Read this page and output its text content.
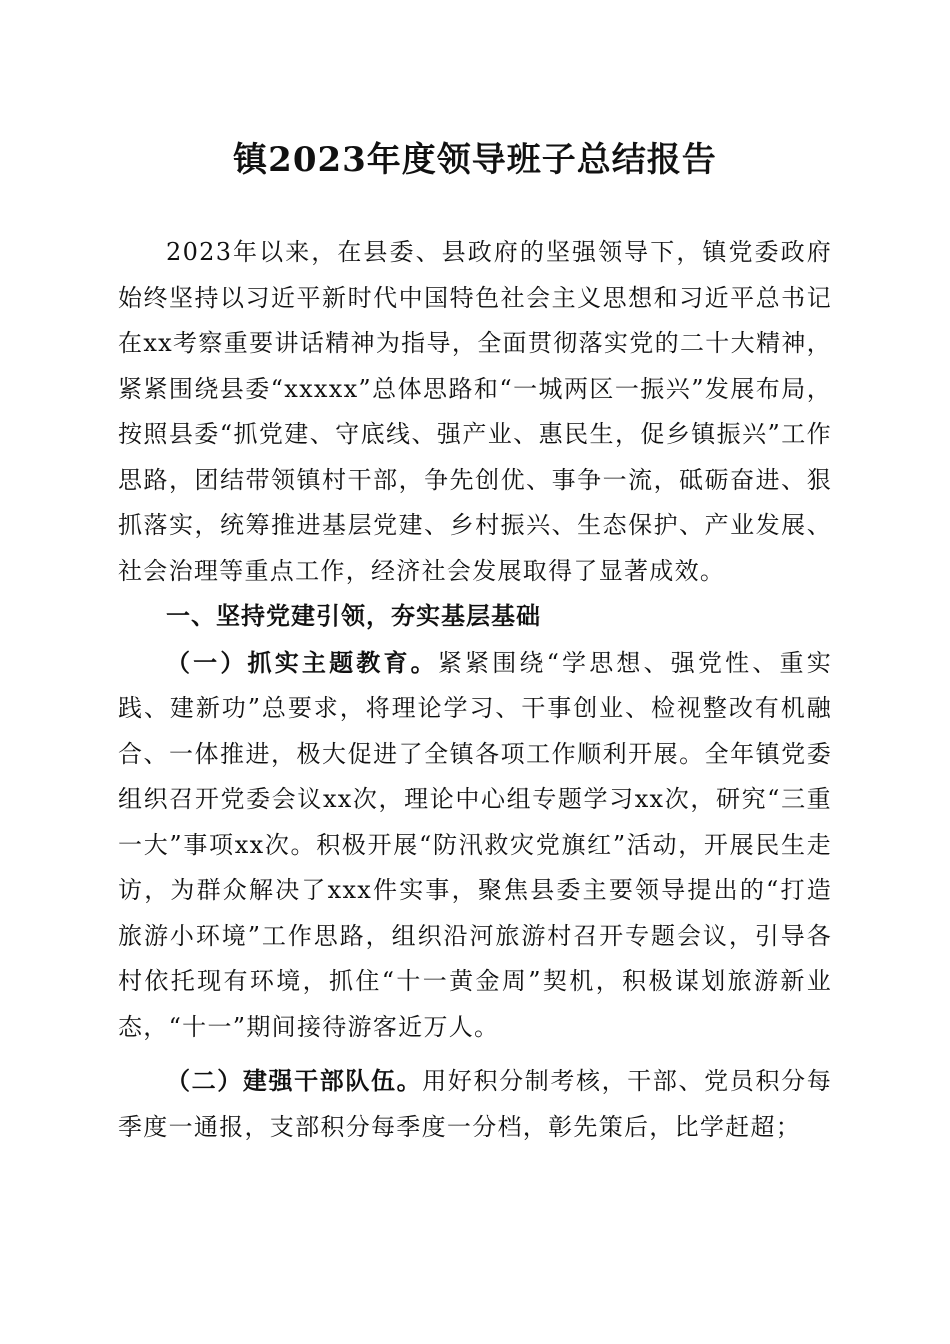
镇2023年度领导班子总结报告

2023年以来，在县委、县政府的坚强领导下，镇党委政府始终坚持以习近平新时代中国特色社会主义思想和习近平总书记在xx考察重要讲话精神为指导，全面贯彻落实党的二十大精神，紧紧围绕县委“xxxxx”总体思路和“一城两区一振兴”发展布局，按照县委“抓党建、守底线、强产业、惠民生，促乡镇振兴”工作思路，团结带领镇村干部，争先创优、事争一流，砥砺奋进、狠抓落实，统筹推进基层党建、乡村振兴、生态保护、产业发展、社会治理等重点工作，经济社会发展取得了显著成效。

一、坚持党建引领，夯实基层基础

（一）抓实主题教育。紧紧围绕“学思想、强党性、重实践、建新功”总要求，将理论学习、干事创业、检视整改有机融合、一体推进，极大促进了全镇各项工作顺利开展。全年镇党委组织召开党委会议xx次，理论中心组专题学习xx次，研究“三重一大”事项xx次。积极开展“防汛救灾党旗红”活动，开展民生走访，为群众解决了xxx件实事，聚焦县委主要领导提出的“打造旅游小环境”工作思路，组织沿河旅游村召开专题会议，引导各村依托现有环境，抓住“十一黄金周”契机，积极谋划旅游新业态，“十一”期间接待游客近万人。

（二）建强干部队伍。用好积分制考核，干部、党员积分每季度一通报，支部积分每季度一分档，彰先策后，比学赶超；
